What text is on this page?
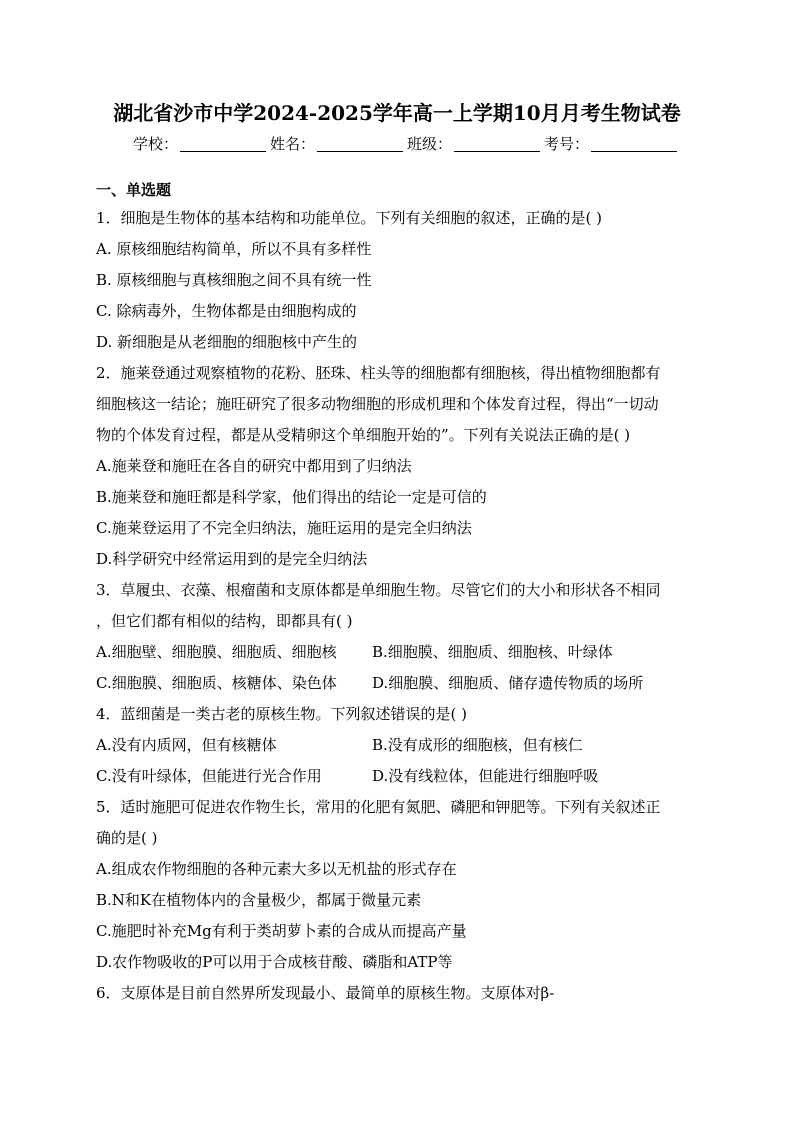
湖北省沙市中学2024-2025学年高一上学期10月月考生物试卷
学校：	姓名：	班级：	考号：
一、单选题
1．细胞是生物体的基本结构和功能单位。下列有关细胞的叙述，正确的是( )
A. 原核细胞结构简单，所以不具有多样性
B. 原核细胞与真核细胞之间不具有统一性
C. 除病毒外，生物体都是由细胞构成的
D. 新细胞是从老细胞的细胞核中产生的
2．施莱登通过观察植物的花粉、胚珠、柱头等的细胞都有细胞核，得出植物细胞都有
细胞核这一结论；施旺研究了很多动物细胞的形成机理和个体发育过程，得出“一切动
物的个体发育过程，都是从受精卵这个单细胞开始的”。下列有关说法正确的是( )
A.施莱登和施旺在各自的研究中都用到了归纳法
B.施莱登和施旺都是科学家，他们得出的结论一定是可信的
C.施莱登运用了不完全归纳法，施旺运用的是完全归纳法
D.科学研究中经常运用到的是完全归纳法
3．草履虫、衣藻、根瘤菌和支原体都是单细胞生物。尽管它们的大小和形状各不相同
，但它们都有相似的结构，即都具有( )
A.细胞壁、细胞膜、细胞质、细胞核	B.细胞膜、细胞质、细胞核、叶绿体
C.细胞膜、细胞质、核糖体、染色体	D.细胞膜、细胞质、储存遗传物质的场所
4．蓝细菌是一类古老的原核生物。下列叙述错误的是( )
A.没有内质网，但有核糖体	B.没有成形的细胞核，但有核仁
C.没有叶绿体，但能进行光合作用	D.没有线粒体，但能进行细胞呼吸
5．适时施肥可促进农作物生长，常用的化肥有氮肥、磷肥和钾肥等。下列有关叙述正
确的是( )
A.组成农作物细胞的各种元素大多以无机盐的形式存在
B.N和K在植物体内的含量极少，都属于微量元素
C.施肥时补充Mg有利于类胡萝卜素的合成从而提高产量
D.农作物吸收的P可以用于合成核苷酸、磷脂和ATP等
6．支原体是目前自然界所发现最小、最简单的原核生物。支原体对β-
